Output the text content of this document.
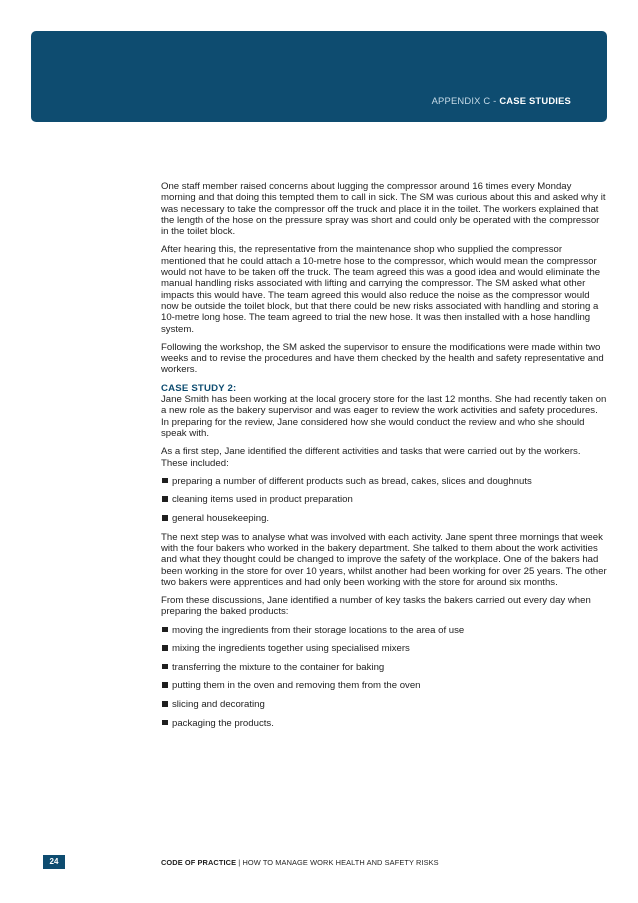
APPENDIX C - CASE STUDIES

One staff member raised concerns about lugging the compressor around 16 times every Monday morning and that doing this tempted them to call in sick. The SM was curious about this and asked why it was necessary to take the compressor off the truck and place it in the toilet. The workers explained that the length of the hose on the pressure spray was short and could only be operated with the compressor in the toilet block.

After hearing this, the representative from the maintenance shop who supplied the compressor mentioned that he could attach a 10-metre hose to the compressor, which would mean the compressor would not have to be taken off the truck. The team agreed this was a good idea and would eliminate the manual handling risks associated with lifting and carrying the compressor. The SM asked what other impacts this would have. The team agreed this would also reduce the noise as the compressor would now be outside the toilet block, but that there could be new risks associated with handling and storing a 10-metre long hose. The team agreed to trial the new hose. It was then installed with a hose handling system.

Following the workshop, the SM asked the supervisor to ensure the modifications were made within two weeks and to revise the procedures and have them checked by the health and safety representative and workers.

CASE STUDY 2:

Jane Smith has been working at the local grocery store for the last 12 months. She had recently taken on a new role as the bakery supervisor and was eager to review the work activities and safety procedures. In preparing for the review, Jane considered how she would conduct the review and who she should speak with.

As a first step, Jane identified the different activities and tasks that were carried out by the workers. These included:

preparing a number of different products such as bread, cakes, slices and doughnuts
cleaning items used in product preparation
general housekeeping.

The next step was to analyse what was involved with each activity. Jane spent three mornings that week with the four bakers who worked in the bakery department. She talked to them about the work activities and what they thought could be changed to improve the safety of the workplace. One of the bakers had been working in the store for over 10 years, whilst another had been working for over 25 years. The other two bakers were apprentices and had only been working with the store for around six months.

From these discussions, Jane identified a number of key tasks the bakers carried out every day when preparing the baked products:

moving the ingredients from their storage locations to the area of use
mixing the ingredients together using specialised mixers
transferring the mixture to the container for baking
putting them in the oven and removing them from the oven
slicing and decorating
packaging the products.
24	CODE OF PRACTICE | HOW TO MANAGE WORK HEALTH AND SAFETY RISKS
